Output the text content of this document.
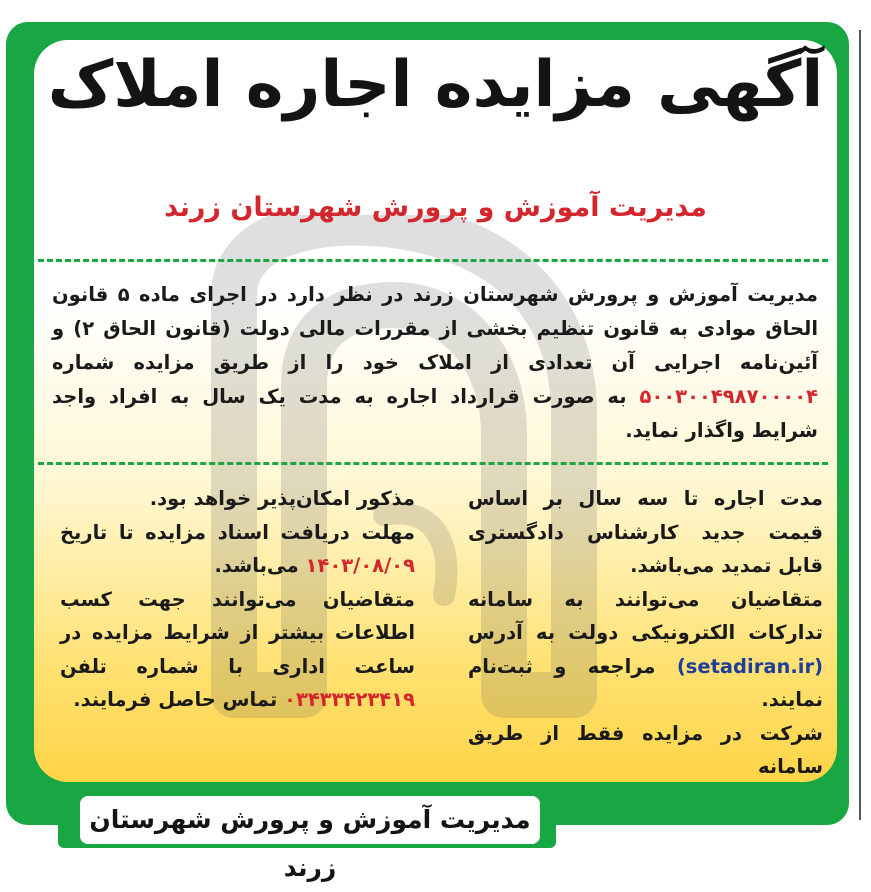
آگهی مزایده اجاره املاک
مدیریت آموزش و پرورش شهرستان زرند
مدیریت آموزش و پرورش شهرستان زرند در نظر دارد در اجرای ماده ۵ قانون الحاق موادی به قانون تنظیم بخشی از مقررات مالی دولت (قانون الحاق ۲) و آئین‌نامه اجرایی آن تعدادی از املاک خود را از طریق مزایده شماره ۵۰۰۳۰۰۴۹۸۷۰۰۰۰۴ به صورت قرارداد اجاره به مدت یک سال به افراد واجد شرایط واگذار نماید.
مدت اجاره تا سه سال بر اساس قیمت جدید کارشناس دادگستری قابل تمدید می‌باشد.
متقاضیان می‌توانند به سامانه تدارکات الکترونیکی دولت به آدرس (setadiran.ir) مراجعه و ثبت‌نام نمایند.
شرکت در مزایده فقط از طریق سامانه
مذکور امکان‌پذیر خواهد بود.
مهلت دریافت اسناد مزایده تا تاریخ ۱۴۰۳/۰۸/۰۹ می‌باشد.
متقاضیان می‌توانند جهت کسب اطلاعات بیشتر از شرایط مزایده در ساعت اداری با شماره تلفن ۰۳۴۳۳۴۲۳۴۱۹ تماس حاصل فرمایند.
مدیریت آموزش و پرورش شهرستان زرند
